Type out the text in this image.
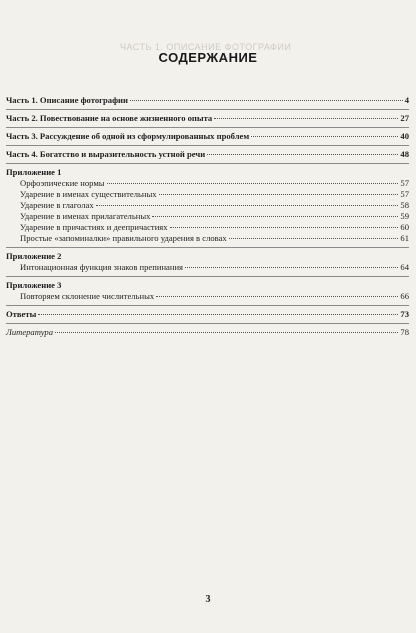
ЧАСТЬ 1. ОПИСАНИЕ ФОТОГРАФИИ
СОДЕРЖАНИЕ
Часть 1. Описание фотографии	4
Часть 2. Повествование на основе жизненного опыта	27
Часть 3. Рассуждение об одной из сформулированных проблем	40
Часть 4. Богатство и выразительность устной речи	48
Приложение 1
Орфоэпические нормы	57
Ударение в именах существительных	57
Ударение в глаголах	58
Ударение в именах прилагательных	59
Ударение в причастиях и деепричастиях	60
Простые «запоминалки» правильного ударения в словах	61
Приложение 2
Интонационная функция знаков препинания	64
Приложение 3
Повторяем склонение числительных	66
Ответы	73
Литература	78
3
